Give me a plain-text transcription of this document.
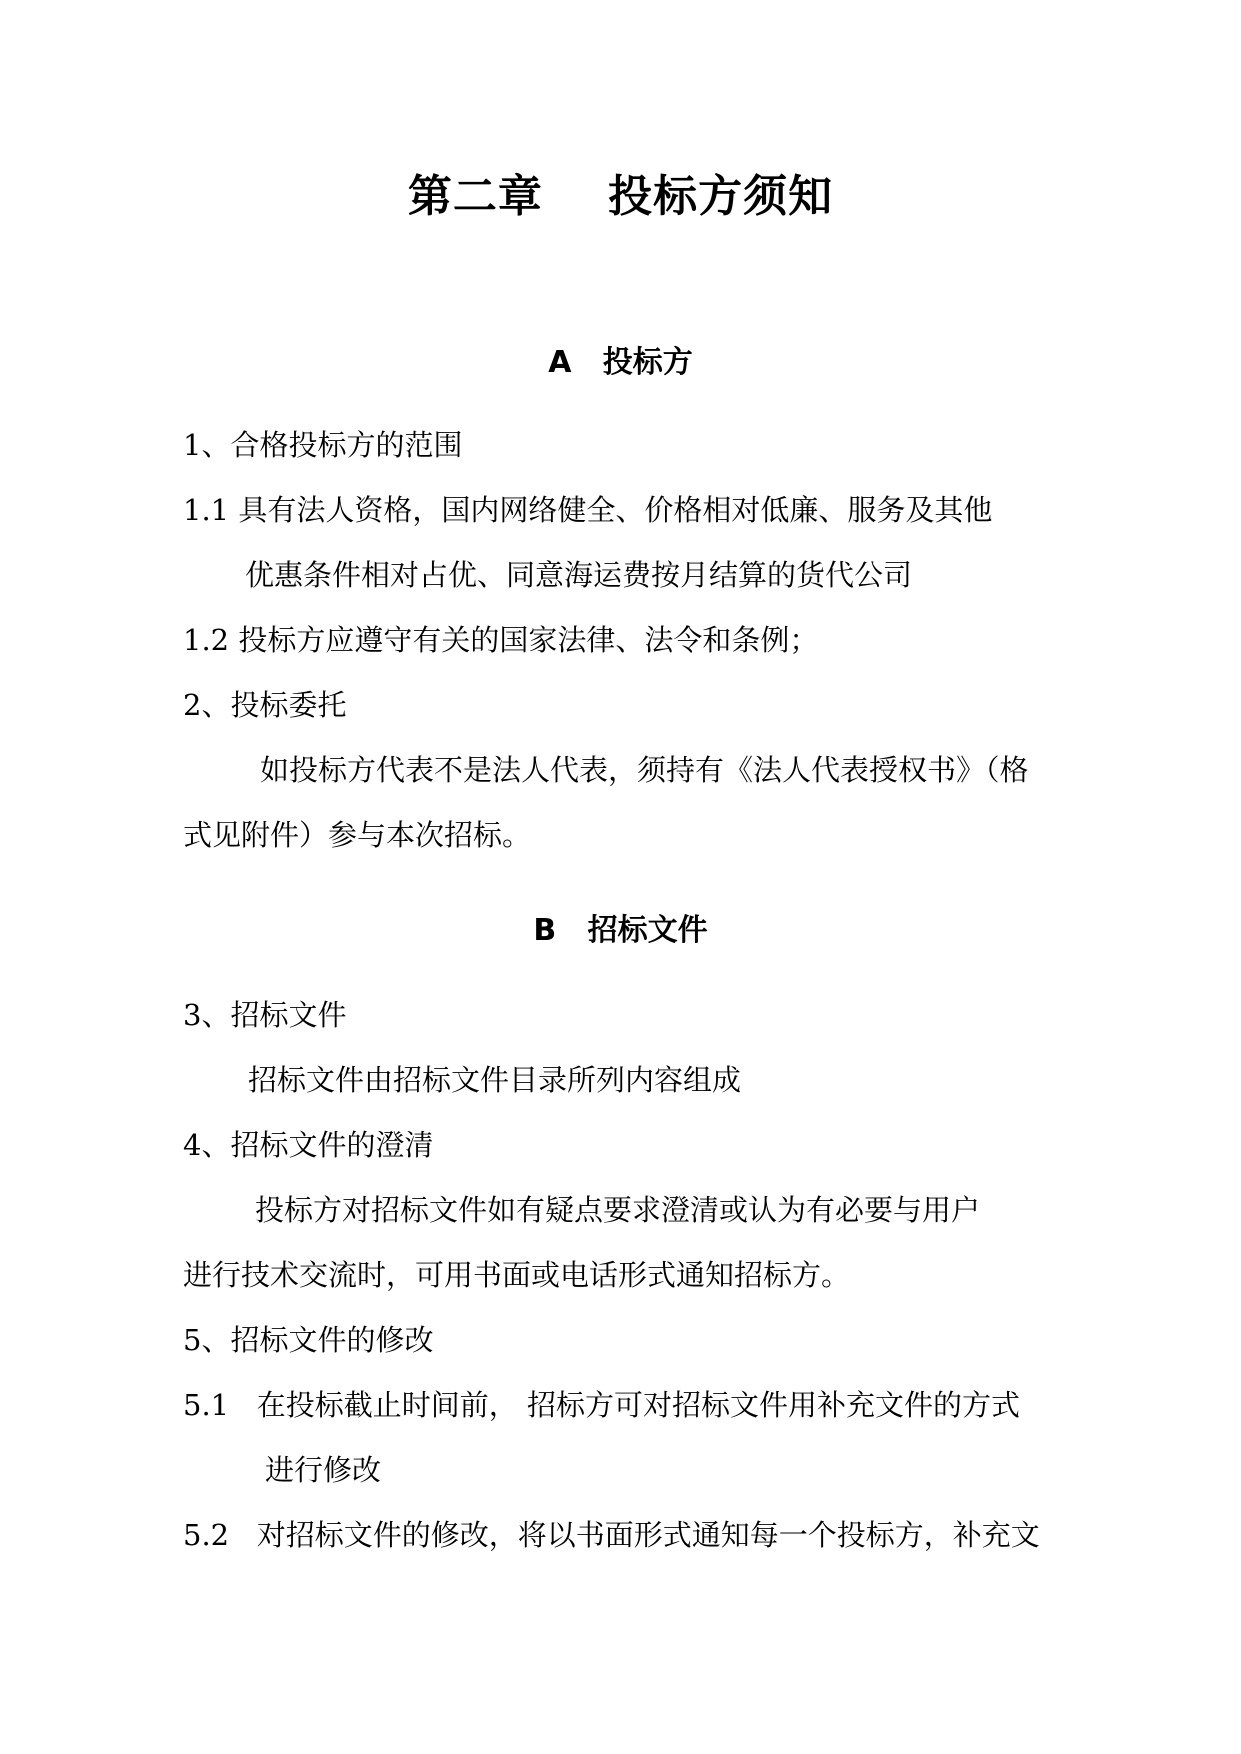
第二章    投标方须知
A   投标方

1、合格投标方的范围

1.1 具有法人资格，国内网络健全、价格相对低廉、服务及其他

优惠条件相对占优、同意海运费按月结算的货代公司

1.2 投标方应遵守有关的国家法律、法令和条例；

2、投标委托

如投标方代表不是法人代表，须持有《法人代表授权书》（格

式见附件）参与本次招标。

B   招标文件

3、招标文件

招标文件由招标文件目录所列内容组成

4、招标文件的澄清

投标方对招标文件如有疑点要求澄清或认为有必要与用户

进行技术交流时，可用书面或电话形式通知招标方。

5、招标文件的修改

5.1   在投标截止时间前， 招标方可对招标文件用补充文件的方式

进行修改

5.2   对招标文件的修改，将以书面形式通知每一个投标方，补充文
